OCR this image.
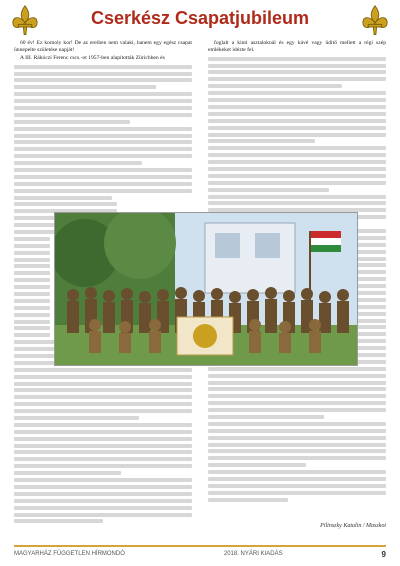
Cserkész Csapatjubileum

60 év! Ez komoly kor! De az ereiben nem valaki, hanem egy egész csapat ünnepelte születése napját!

A III. Rákóczi Ferenc cscs.-ot 1957-ben alapították Zürichben és

foglalt a kinti asztaloknál és egy kávé vagy üdítő mellett a régi szép emlékeket idézte fel.

Pilinszky Katalin / Maszkot
MAGYARHÁZ FÜGGETLEN HÍRMONDÓ	2018. NYÁRI KIADÁS	9
